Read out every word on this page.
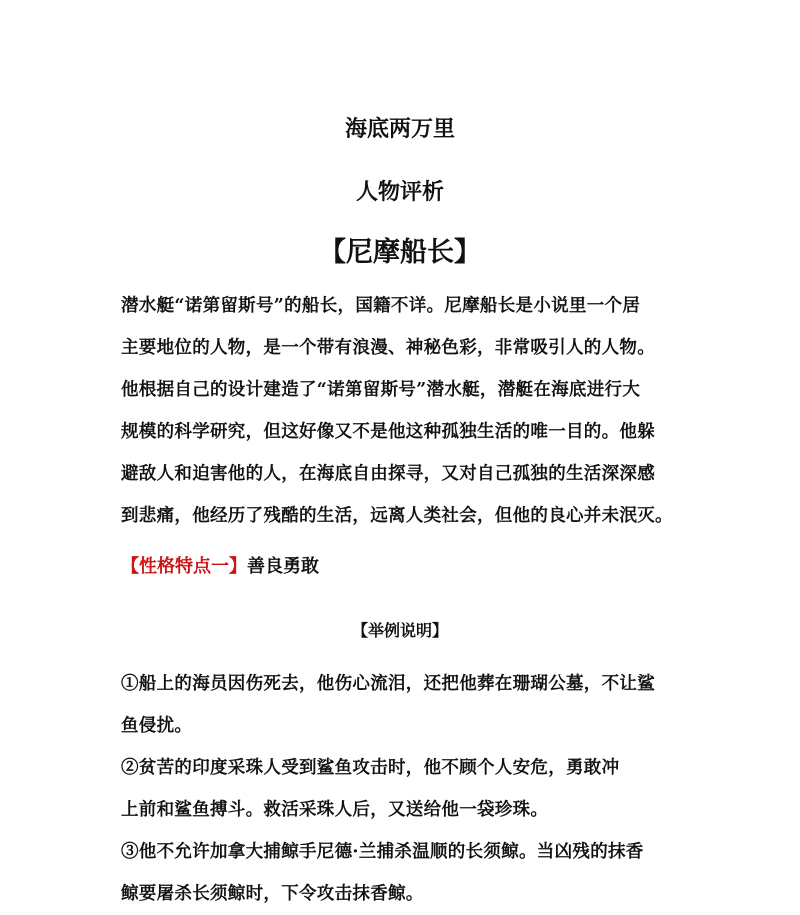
海底两万里
人物评析
【尼摩船长】
潜水艇“诺第留斯号”的船长，国籍不详。尼摩船长是小说里一个居
主要地位的人物，是一个带有浪漫、神秘色彩，非常吸引人的人物。
他根据自己的设计建造了“诺第留斯号”潜水艇，潜艇在海底进行大
规模的科学研究，但这好像又不是他这种孤独生活的唯一目的。他躲
避敌人和迫害他的人，在海底自由探寻，又对自己孤独的生活深深感
到悲痛，他经历了残酷的生活，远离人类社会，但他的良心并未泯灭。
【性格特点一】善良勇敢
【举例说明】
①船上的海员因伤死去，他伤心流泪，还把他葬在珊瑚公墓，不让鲨
鱼侵扰。
②贫苦的印度采珠人受到鲨鱼攻击时，他不顾个人安危，勇敢冲
上前和鲨鱼搏斗。救活采珠人后，又送给他一袋珍珠。
③他不允许加拿大捕鲸手尼德·兰捕杀温顺的长须鲸。当凶残的抹香
鲸要屠杀长须鲸时，下令攻击抹香鲸。
